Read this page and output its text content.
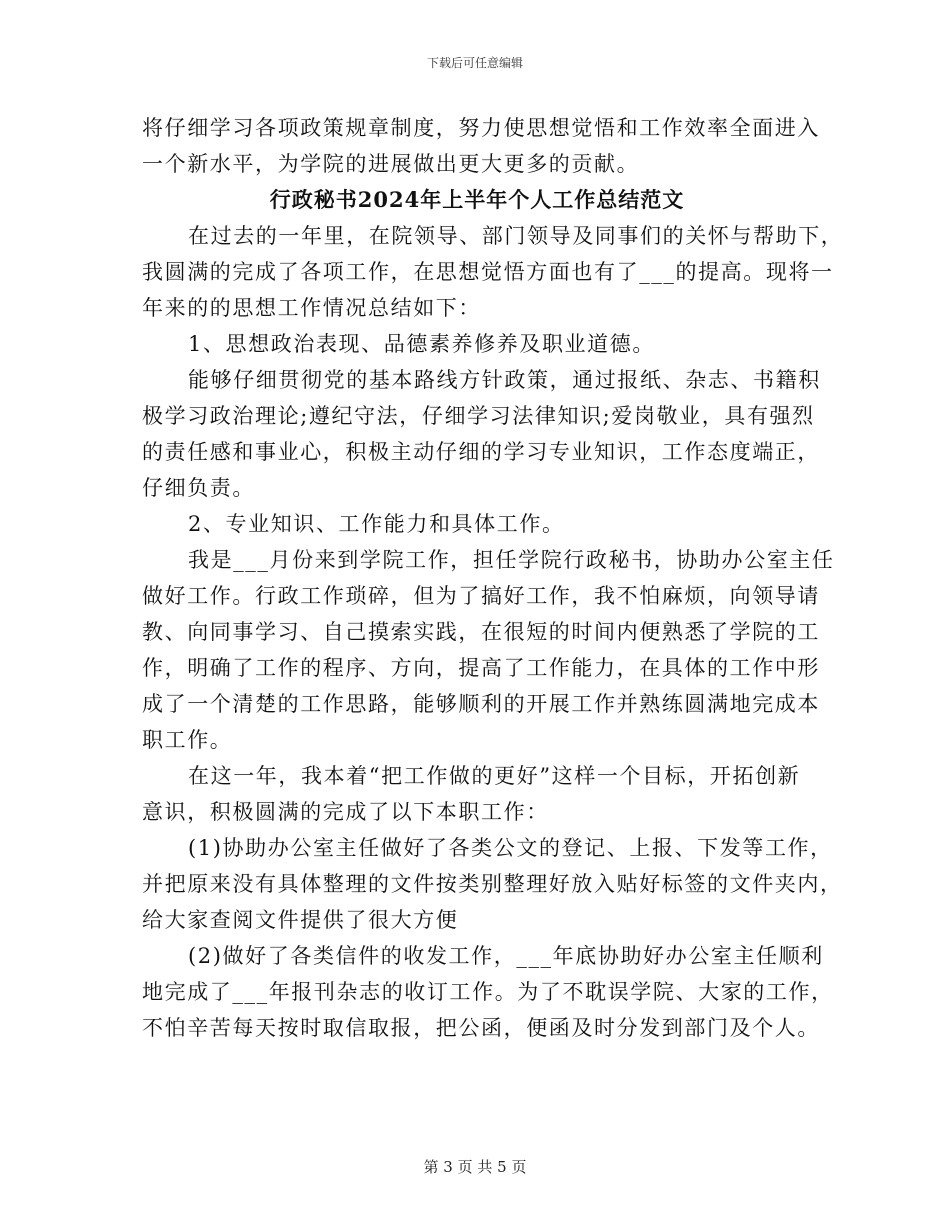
下载后可任意编辑
将仔细学习各项政策规章制度，努力使思想觉悟和工作效率全面进入
一个新水平，为学院的进展做出更大更多的贡献。
行政秘书2024年上半年个人工作总结范文
在过去的一年里，在院领导、部门领导及同事们的关怀与帮助下，
我圆满的完成了各项工作，在思想觉悟方面也有了___的提高。现将一
年来的的思想工作情况总结如下：
1、思想政治表现、品德素养修养及职业道德。
能够仔细贯彻党的基本路线方针政策，通过报纸、杂志、书籍积
极学习政治理论;遵纪守法，仔细学习法律知识;爱岗敬业，具有强烈
的责任感和事业心，积极主动仔细的学习专业知识，工作态度端正，
仔细负责。
2、专业知识、工作能力和具体工作。
我是___月份来到学院工作，担任学院行政秘书，协助办公室主任
做好工作。行政工作琐碎，但为了搞好工作，我不怕麻烦，向领导请
教、向同事学习、自己摸索实践，在很短的时间内便熟悉了学院的工
作，明确了工作的程序、方向，提高了工作能力，在具体的工作中形
成了一个清楚的工作思路，能够顺利的开展工作并熟练圆满地完成本
职工作。
在这一年，我本着“把工作做的更好”这样一个目标，开拓创新
意识，积极圆满的完成了以下本职工作：
(1)协助办公室主任做好了各类公文的登记、上报、下发等工作，
并把原来没有具体整理的文件按类别整理好放入贴好标签的文件夹内，
给大家查阅文件提供了很大方便
(2)做好了各类信件的收发工作，___年底协助好办公室主任顺利
地完成了___年报刊杂志的收订工作。为了不耽误学院、大家的工作，
不怕辛苦每天按时取信取报，把公函，便函及时分发到部门及个人。
第 3 页 共 5 页
